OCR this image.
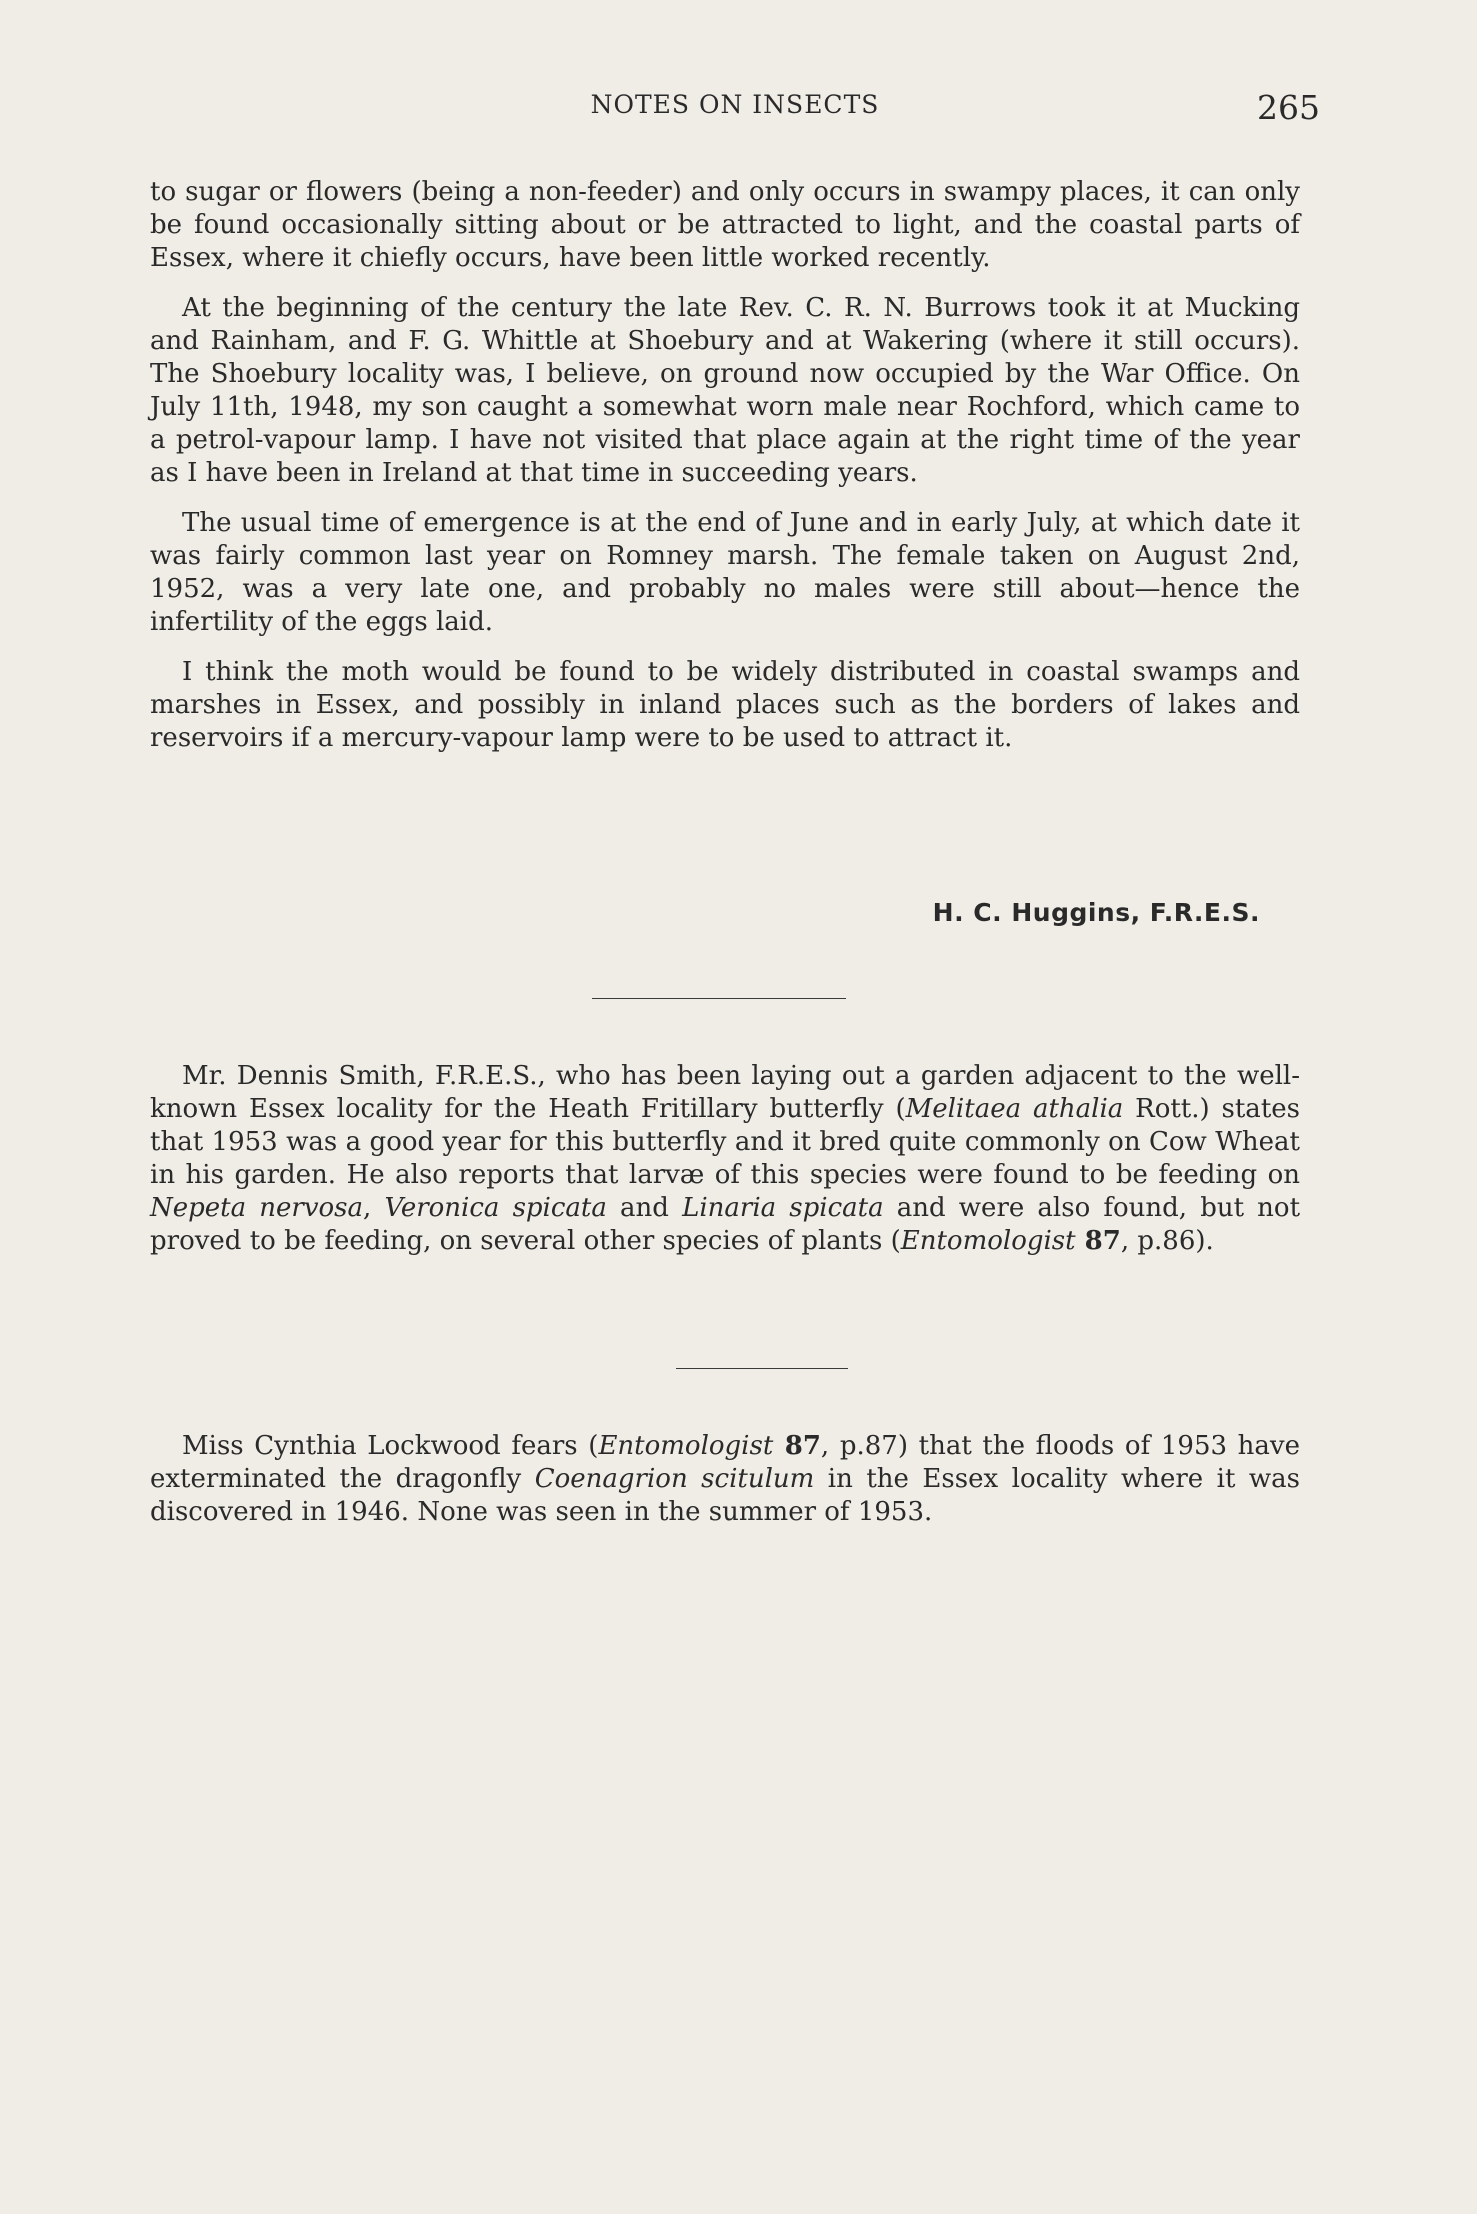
NOTES ON INSECTS	265

to sugar or flowers (being a non-feeder) and only occurs in swampy places, it can only be found occasionally sitting about or be attracted to light, and the coastal parts of Essex, where it chiefly occurs, have been little worked recently.

At the beginning of the century the late Rev. C. R. N. Burrows took it at Mucking and Rainham, and F. G. Whittle at Shoebury and at Wakering (where it still occurs). The Shoebury locality was, I believe, on ground now occupied by the War Office. On July 11th, 1948, my son caught a somewhat worn male near Rochford, which came to a petrol-vapour lamp. I have not visited that place again at the right time of the year as I have been in Ireland at that time in succeeding years.

The usual time of emergence is at the end of June and in early July, at which date it was fairly common last year on Romney marsh. The female taken on August 2nd, 1952, was a very late one, and probably no males were still about—hence the infertility of the eggs laid.

I think the moth would be found to be widely distributed in coastal swamps and marshes in Essex, and possibly in inland places such as the borders of lakes and reservoirs if a mercury-vapour lamp were to be used to attract it.

H. C. Huggins, F.R.E.S.

Mr. Dennis Smith, F.R.E.S., who has been laying out a garden adjacent to the well-known Essex locality for the Heath Fritillary butterfly (Melitaea athalia Rott.) states that 1953 was a good year for this butterfly and it bred quite commonly on Cow Wheat in his garden. He also reports that larvæ of this species were found to be feeding on Nepeta nervosa, Veronica spicata and Linaria spicata and were also found, but not proved to be feeding, on several other species of plants (Entomologist 87, p.86).

Miss Cynthia Lockwood fears (Entomologist 87, p.87) that the floods of 1953 have exterminated the dragonfly Coenagrion scitulum in the Essex locality where it was discovered in 1946. None was seen in the summer of 1953.
